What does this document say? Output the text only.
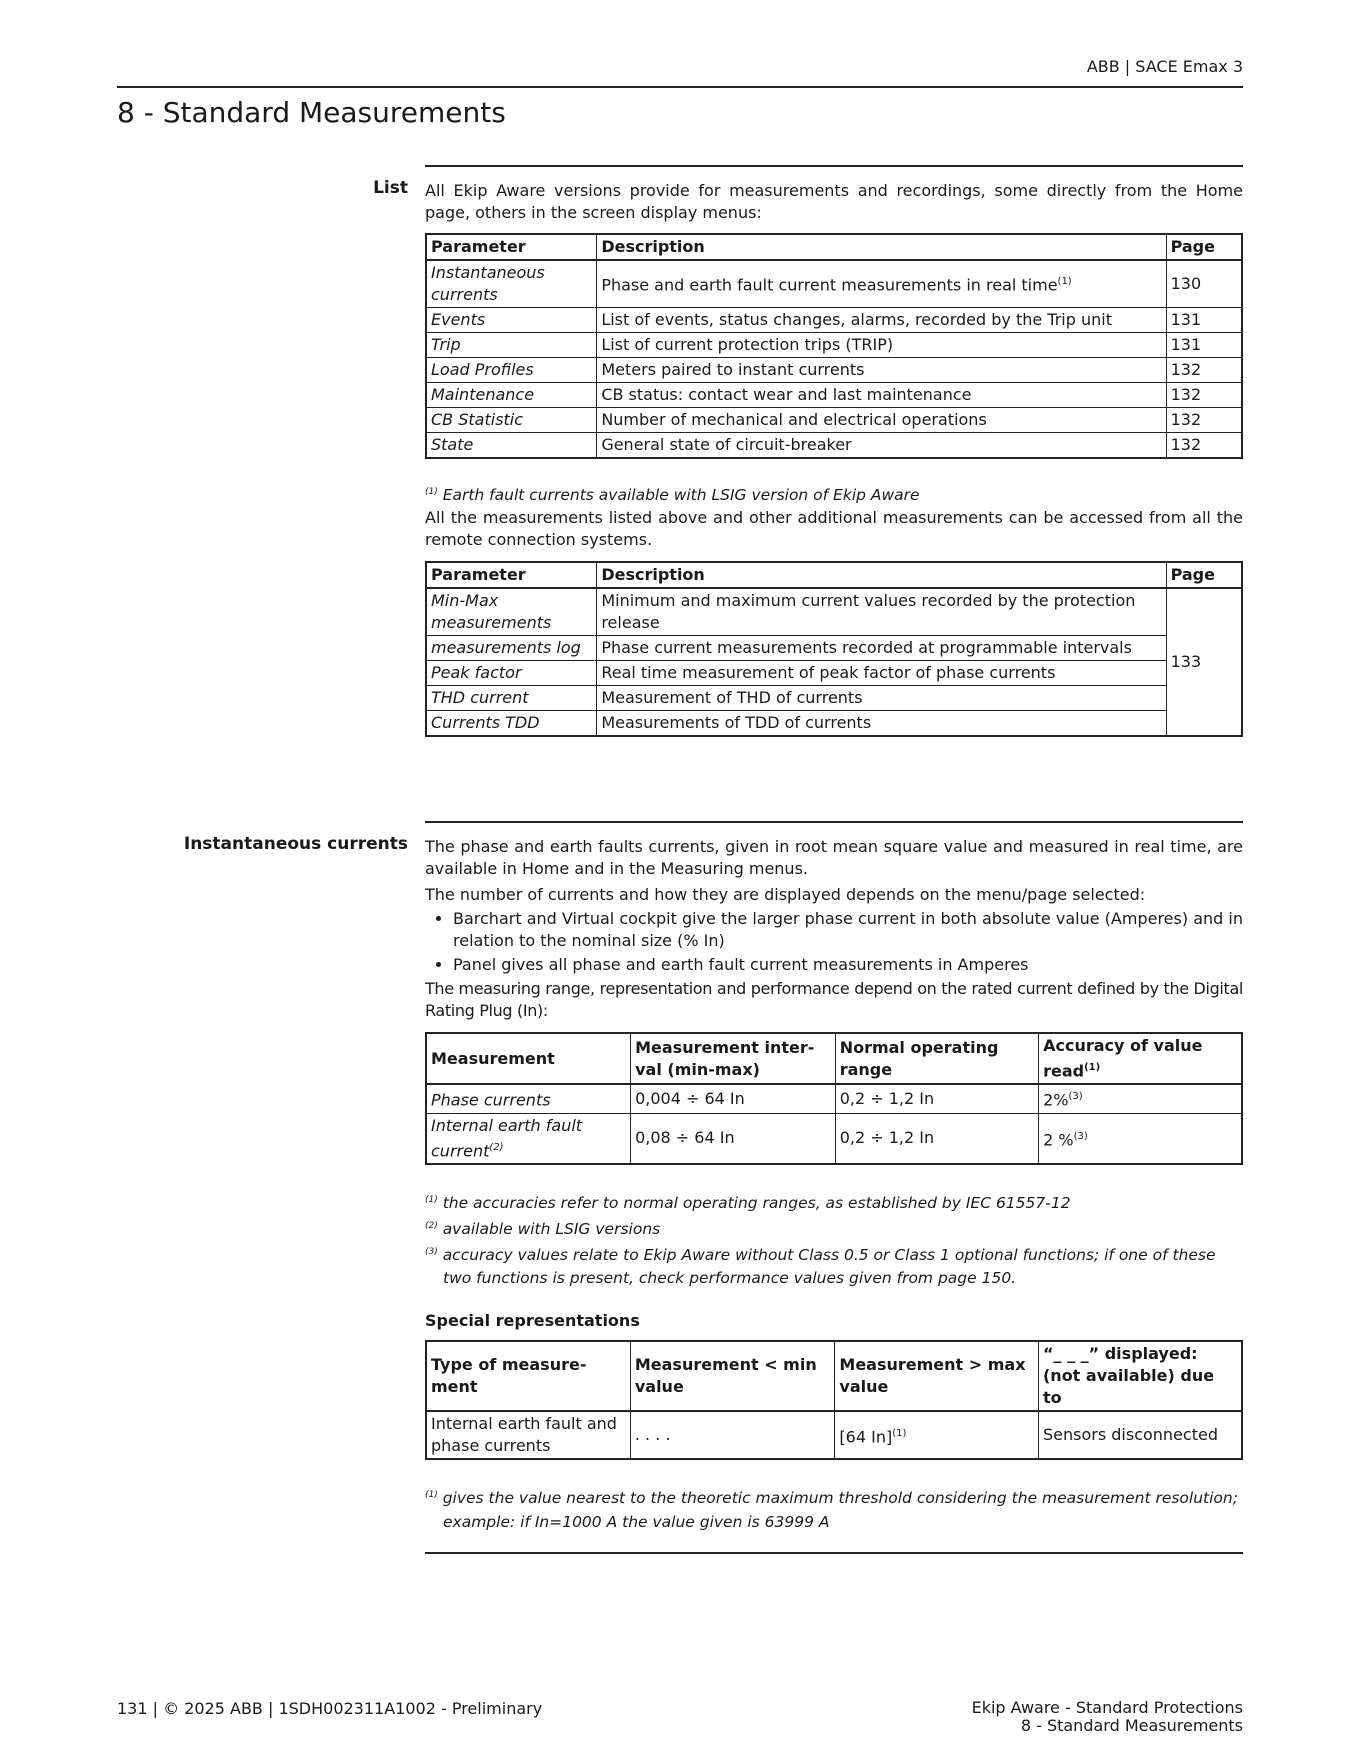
ABB | SACE Emax 3
8 - Standard Measurements
List All Ekip Aware versions provide for measurements and recordings, some directly from the Home page, others in the screen display menus:

Parameter	Description	Page
Instantaneous currents	Phase and earth fault current measurements in real time$^{(1)}$	130
Events	List of events, status changes, alarms, recorded by the Trip unit	131
Trip	List of current protection trips (TRIP)	131
Load Profiles	Meters paired to instant currents	132
Maintenance	CB status: contact wear and last maintenance	132
CB Statistic	Number of mechanical and electrical operations	132
State	General state of circuit-breaker	132

$^{(1)}$ Earth fault currents available with LSIG version of Ekip Aware

All the measurements listed above and other additional measurements can be accessed from all the remote connection systems.

Parameter	Description	Page
Min-Max measurements	Minimum and maximum current values recorded by the protection release	133
measurements log	Phase current measurements recorded at programmable intervals	
Peak factor	Real time measurement of peak factor of phase currents	
THD current	Measurement of THD of currents	
Currents TDD	Measurements of TDD of currents	
Instantaneous currents The phase and earth faults currents, given in root mean square value and measured in real time, are available in Home and in the Measuring menus.

The number of currents and how they are displayed depends on the menu/page selected:

• Barchart and Virtual cockpit give the larger phase current in both absolute value (Amperes) and in relation to the nominal size (% In)
• Panel gives all phase and earth fault current measurements in Amperes

The measuring range, representation and performance depend on the rated current defined by the Digital Rating Plug (In):

Measurement	Measurement inter-val (min-max)	Normal operating range	Accuracy of value read$^{(1)}$
Phase currents	0,004 ÷ 64 In	0,2 ÷ 1,2 In	2%$^{(3)}$
Internal earth fault current$^{(2)}$	0,08 ÷ 64 In	0,2 ÷ 1,2 In	2 %$^{(3)}$

$^{(1)}$ the accuracies refer to normal operating ranges, as established by IEC 61557-12

$^{(2)}$ available with LSIG versions

$^{(3)}$ accuracy values relate to Ekip Aware without Class 0.5 or Class 1 optional functions; if one of these two functions is present, check performance values given from page 150.

Special representations
Type of measure-ment	Measurement < min value	Measurement > max value	“_ _ _” displayed: (not available) due to
Internal earth fault and phase currents	. . . .	[64 In]$^{(1)}$	Sensors disconnected

$^{(1)}$ gives the value nearest to the theoretic maximum threshold considering the measurement resolution; example: if In=1000 A the value given is 63999 A

131 | © 2025 ABB | 1SDH002311A1002 - Preliminary	Ekip Aware - Standard Protections
8 - Standard Measurements
